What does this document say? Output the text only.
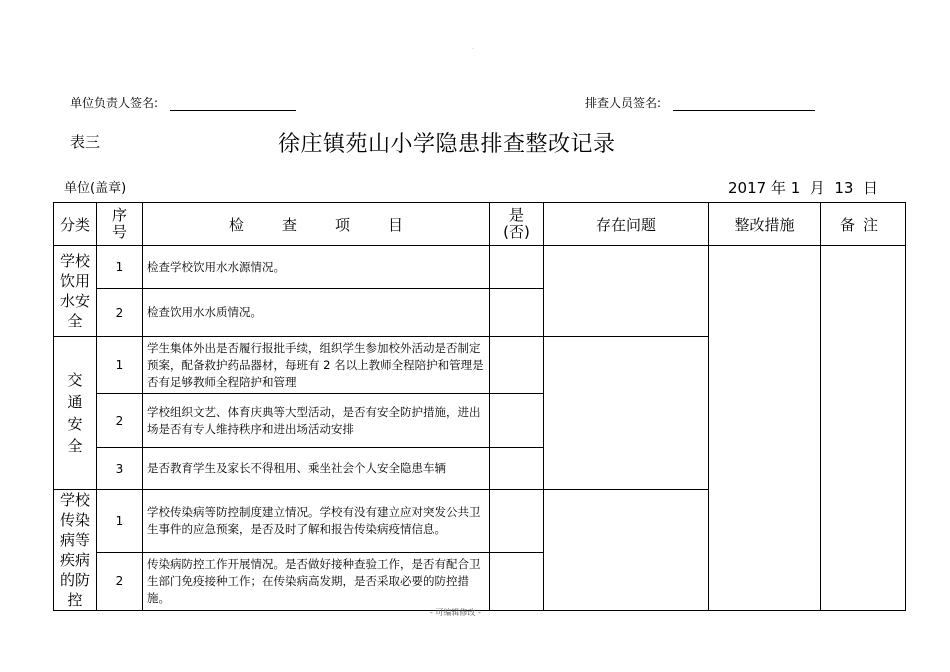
·
单位负责人签名:	排查人员签名:
表三	徐庄镇苑山小学隐患排查整改记录
单位(盖章)	2017 年 1  月  13  日
分类	序号	检查项目	是(否)	存在问题	整改措施	备注

学校饮用水安全	1	检查学校饮用水水源情况。				
	2	检查饮用水水质情况。				

交通安全	1	学生集体外出是否履行报批手续，组织学生参加校外活动是否制定预案，配备救护药品器材，每班有 2 名以上教师全程陪护和管理是否有足够教师全程陪护和管理				
	2	学校组织文艺、体育庆典等大型活动，是否有安全防护措施，进出场是否有专人维持秩序和进出场活动安排				
	3	是否教育学生及家长不得租用、乘坐社会个人安全隐患车辆				

学校传染病等疾病的防控	1	学校传染病等防控制度建立情况。学校有没有建立应对突发公共卫生事件的应急预案，是否及时了解和报告传染病疫情信息。				
	2	传染病防控工作开展情况。是否做好接种查验工作，是否有配合卫生部门免疫接种工作；在传染病高发期，是否采取必要的防控措施。				
- 可编辑修改 -
